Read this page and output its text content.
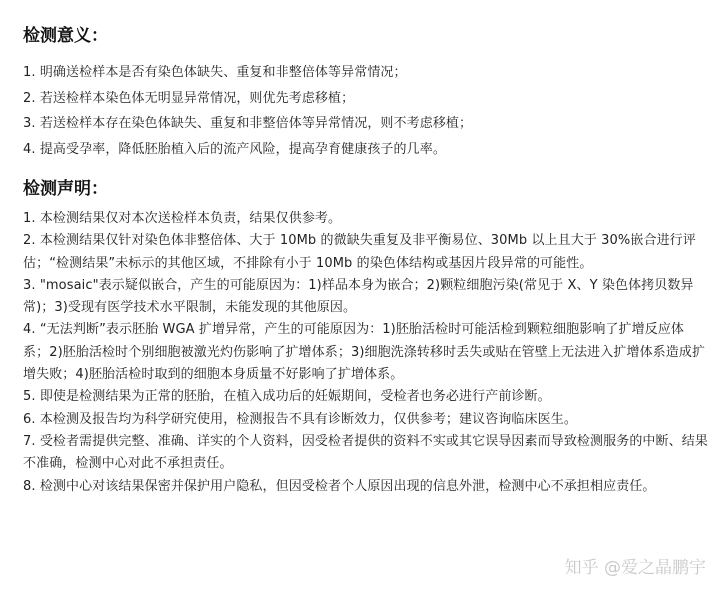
检测意义：
1. 明确送检样本是否有染色体缺失、重复和非整倍体等异常情况；
2. 若送检样本染色体无明显异常情况，则优先考虑移植；
3. 若送检样本存在染色体缺失、重复和非整倍体等异常情况，则不考虑移植；
4. 提高受孕率，降低胚胎植入后的流产风险，提高孕育健康孩子的几率。
检测声明：
1. 本检测结果仅对本次送检样本负责，结果仅供参考。
2. 本检测结果仅针对染色体非整倍体、大于 10Mb 的微缺失重复及非平衡易位、30Mb 以上且大于 30%嵌合进行评估；“检测结果”未标示的其他区域，不排除有小于 10Mb 的染色体结构或基因片段异常的可能性。
3. "mosaic"表示疑似嵌合，产生的可能原因为：1)样品本身为嵌合；2)颗粒细胞污染(常见于 X、Y 染色体拷贝数异 常)；3)受现有医学技术水平限制，未能发现的其他原因。
4. “无法判断”表示胚胎 WGA 扩增异常，产生的可能原因为：1)胚胎活检时可能活检到颗粒细胞影响了扩增反应体系；2)胚胎活检时个别细胞被激光灼伤影响了扩增体系；3)细胞洗涤转移时丢失或贴在管壁上无法进入扩增体系造成扩增失败；4)胚胎活检时取到的细胞本身质量不好影响了扩增体系。
5. 即使是检测结果为正常的胚胎，在植入成功后的妊娠期间，受检者也务必进行产前诊断。
6. 本检测及报告均为科学研究使用，检测报告不具有诊断效力，仅供参考；建议咨询临床医生。
7. 受检者需提供完整、准确、详实的个人资料，因受检者提供的资料不实或其它误导因素而导致检测服务的中断、结果不准确，检测中心对此不承担责任。
8. 检测中心对该结果保密并保护用户隐私，但因受检者个人原因出现的信息外泄，检测中心不承担相应责任。
知乎 @爱之晶鹏宇
